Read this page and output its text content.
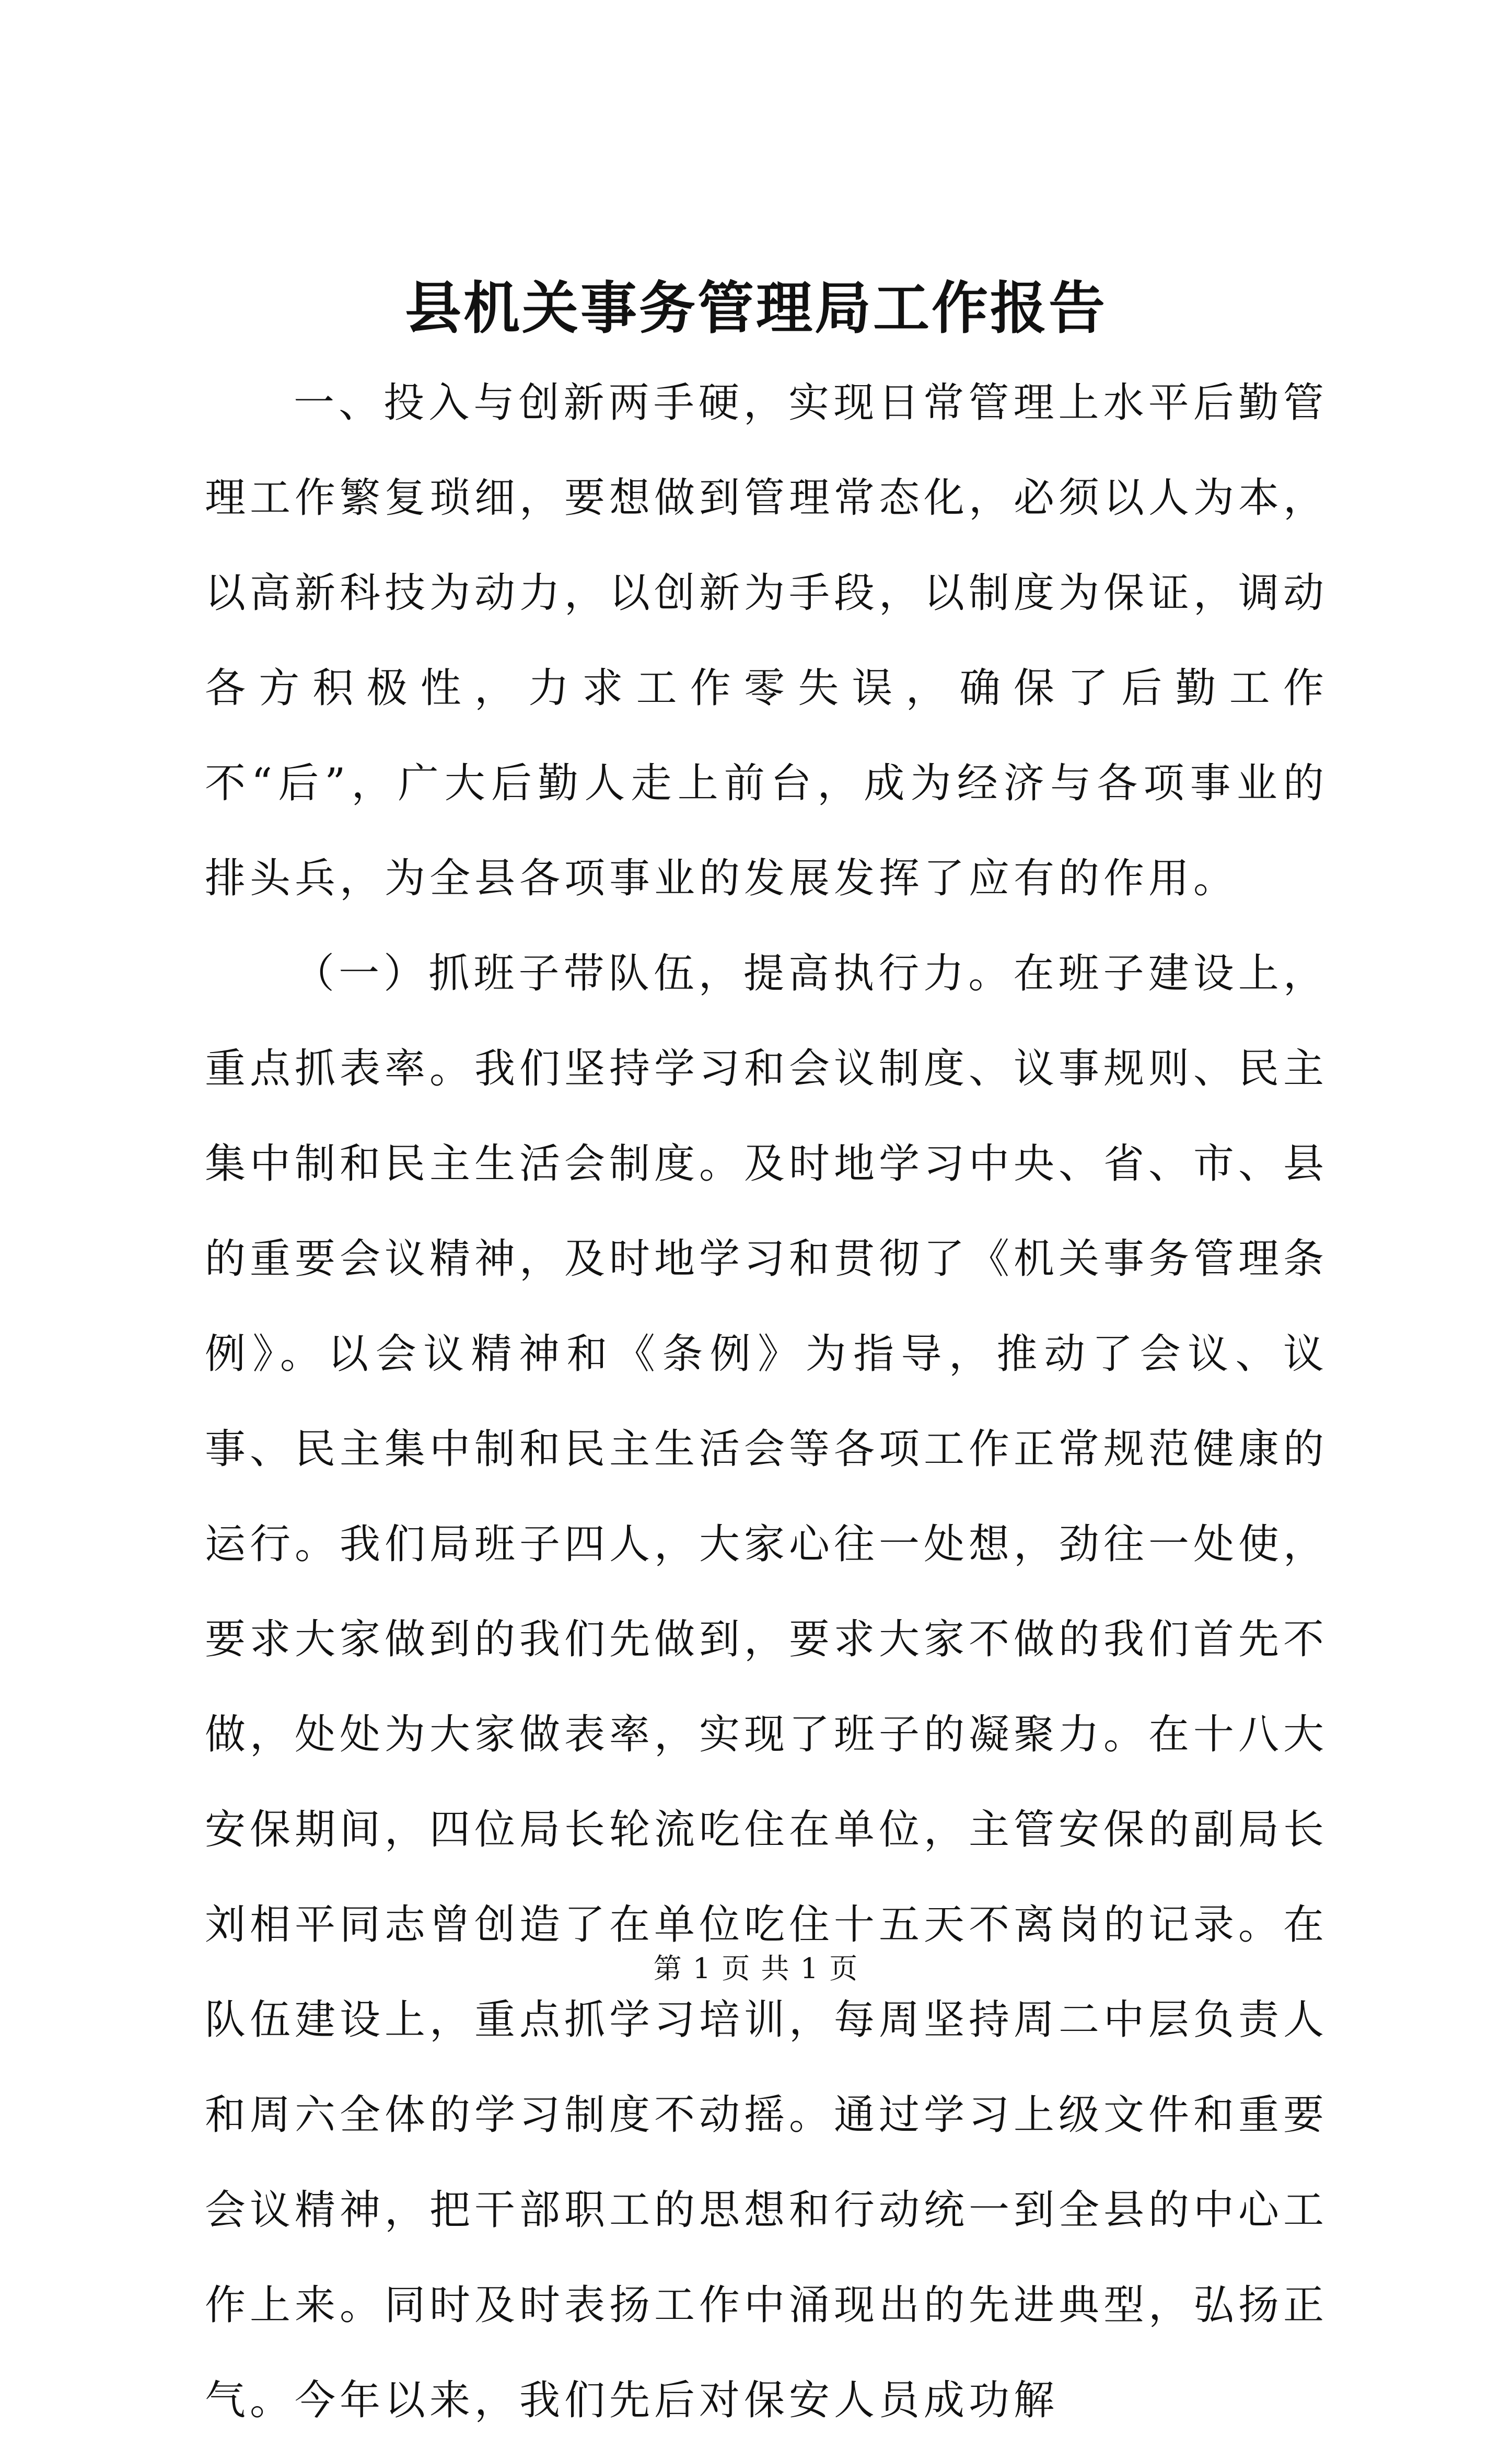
县机关事务管理局工作报告

一、投入与创新两手硬，实现日常管理上水平后勤管理工作繁复琐细，要想做到管理常态化，必须以人为本，以高新科技为动力，以创新为手段，以制度为保证，调动各方积极性，力求工作零失误，确保了后勤工作不“后”，广大后勤人走上前台，成为经济与各项事业的排头兵，为全县各项事业的发展发挥了应有的作用。

（一）抓班子带队伍，提高执行力。在班子建设上，重点抓表率。我们坚持学习和会议制度、议事规则、民主集中制和民主生活会制度。及时地学习中央、省、市、县的重要会议精神，及时地学习和贯彻了《机关事务管理条例》。以会议精神和《条例》为指导，推动了会议、议事、民主集中制和民主生活会等各项工作正常规范健康的运行。我们局班子四人，大家心往一处想，劲往一处使，要求大家做到的我们先做到，要求大家不做的我们首先不做，处处为大家做表率，实现了班子的凝聚力。在十八大安保期间，四位局长轮流吃住在单位，主管安保的副局长刘相平同志曾创造了在单位吃住十五天不离岗的记录。在队伍建设上，重点抓学习培训，每周坚持周二中层负责人和周六全体的学习制度不动摇。通过学习上级文件和重要会议精神，把干部职工的思想和行动统一到全县的中心工作上来。同时及时表扬工作中涌现出的先进典型，弘扬正气。今年以来，我们先后对保安人员成功解

第 1 页 共 1 页
